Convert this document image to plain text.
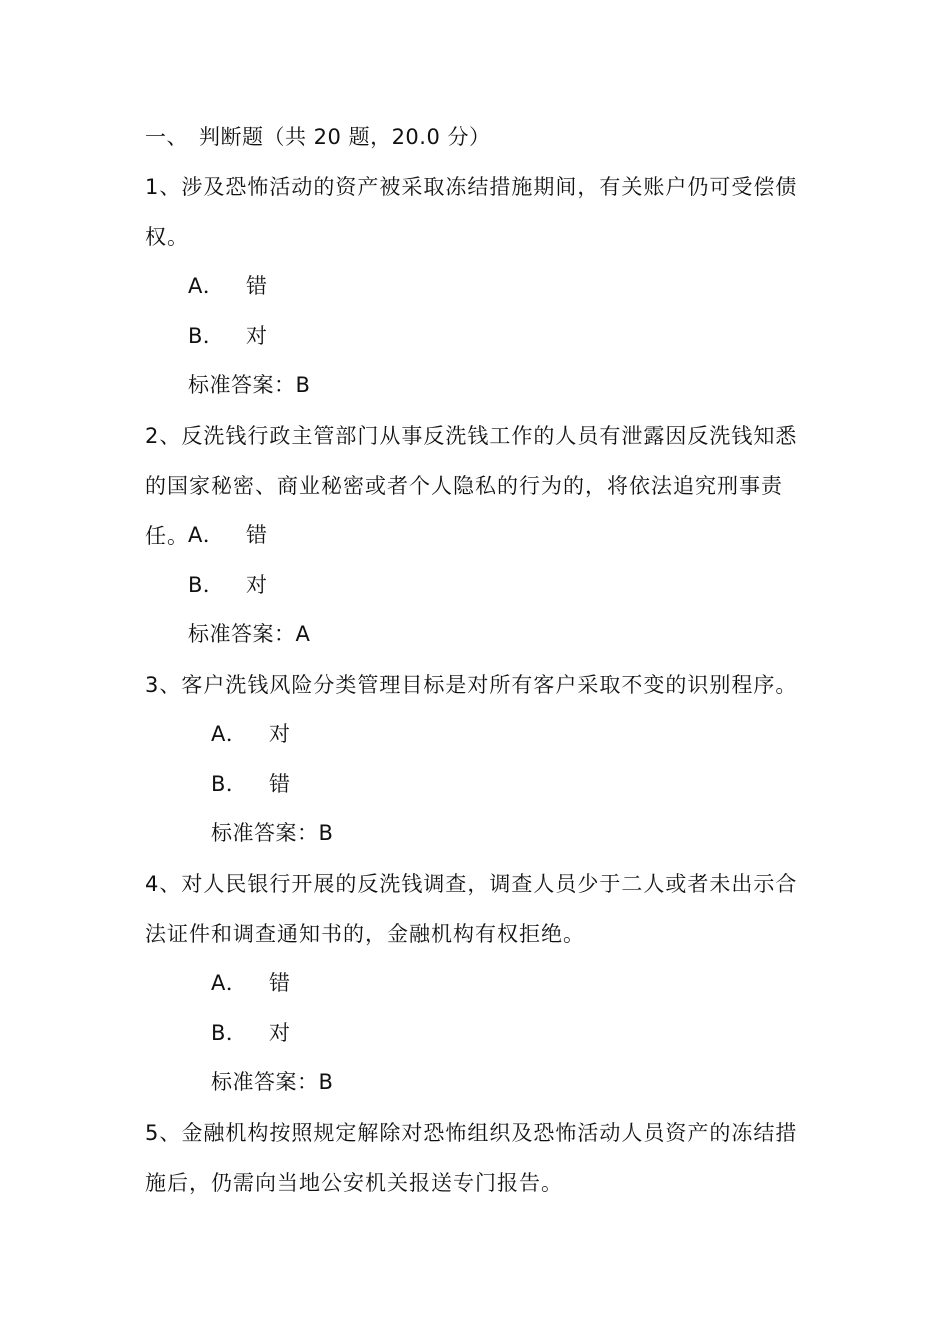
一、　判断题（共 20 题，20.0 分）
1、涉及恐怖活动的资产被采取冻结措施期间，有关账户仍可受偿债权。
A． 错
B． 对
标准答案：B
2、反洗钱行政主管部门从事反洗钱工作的人员有泄露因反洗钱知悉的国家秘密、商业秘密或者个人隐私的行为的，将依法追究刑事责任。 A． 错
B． 对
标准答案：A
3、客户洗钱风险分类管理目标是对所有客户采取不变的识别程序。
A． 对
B． 错
标准答案：B
4、对人民银行开展的反洗钱调查，调查人员少于二人或者未出示合法证件和调查通知书的，金融机构有权拒绝。
A． 错
B． 对
标准答案：B
5、金融机构按照规定解除对恐怖组织及恐怖活动人员资产的冻结措施后，仍需向当地公安机关报送专门报告。
